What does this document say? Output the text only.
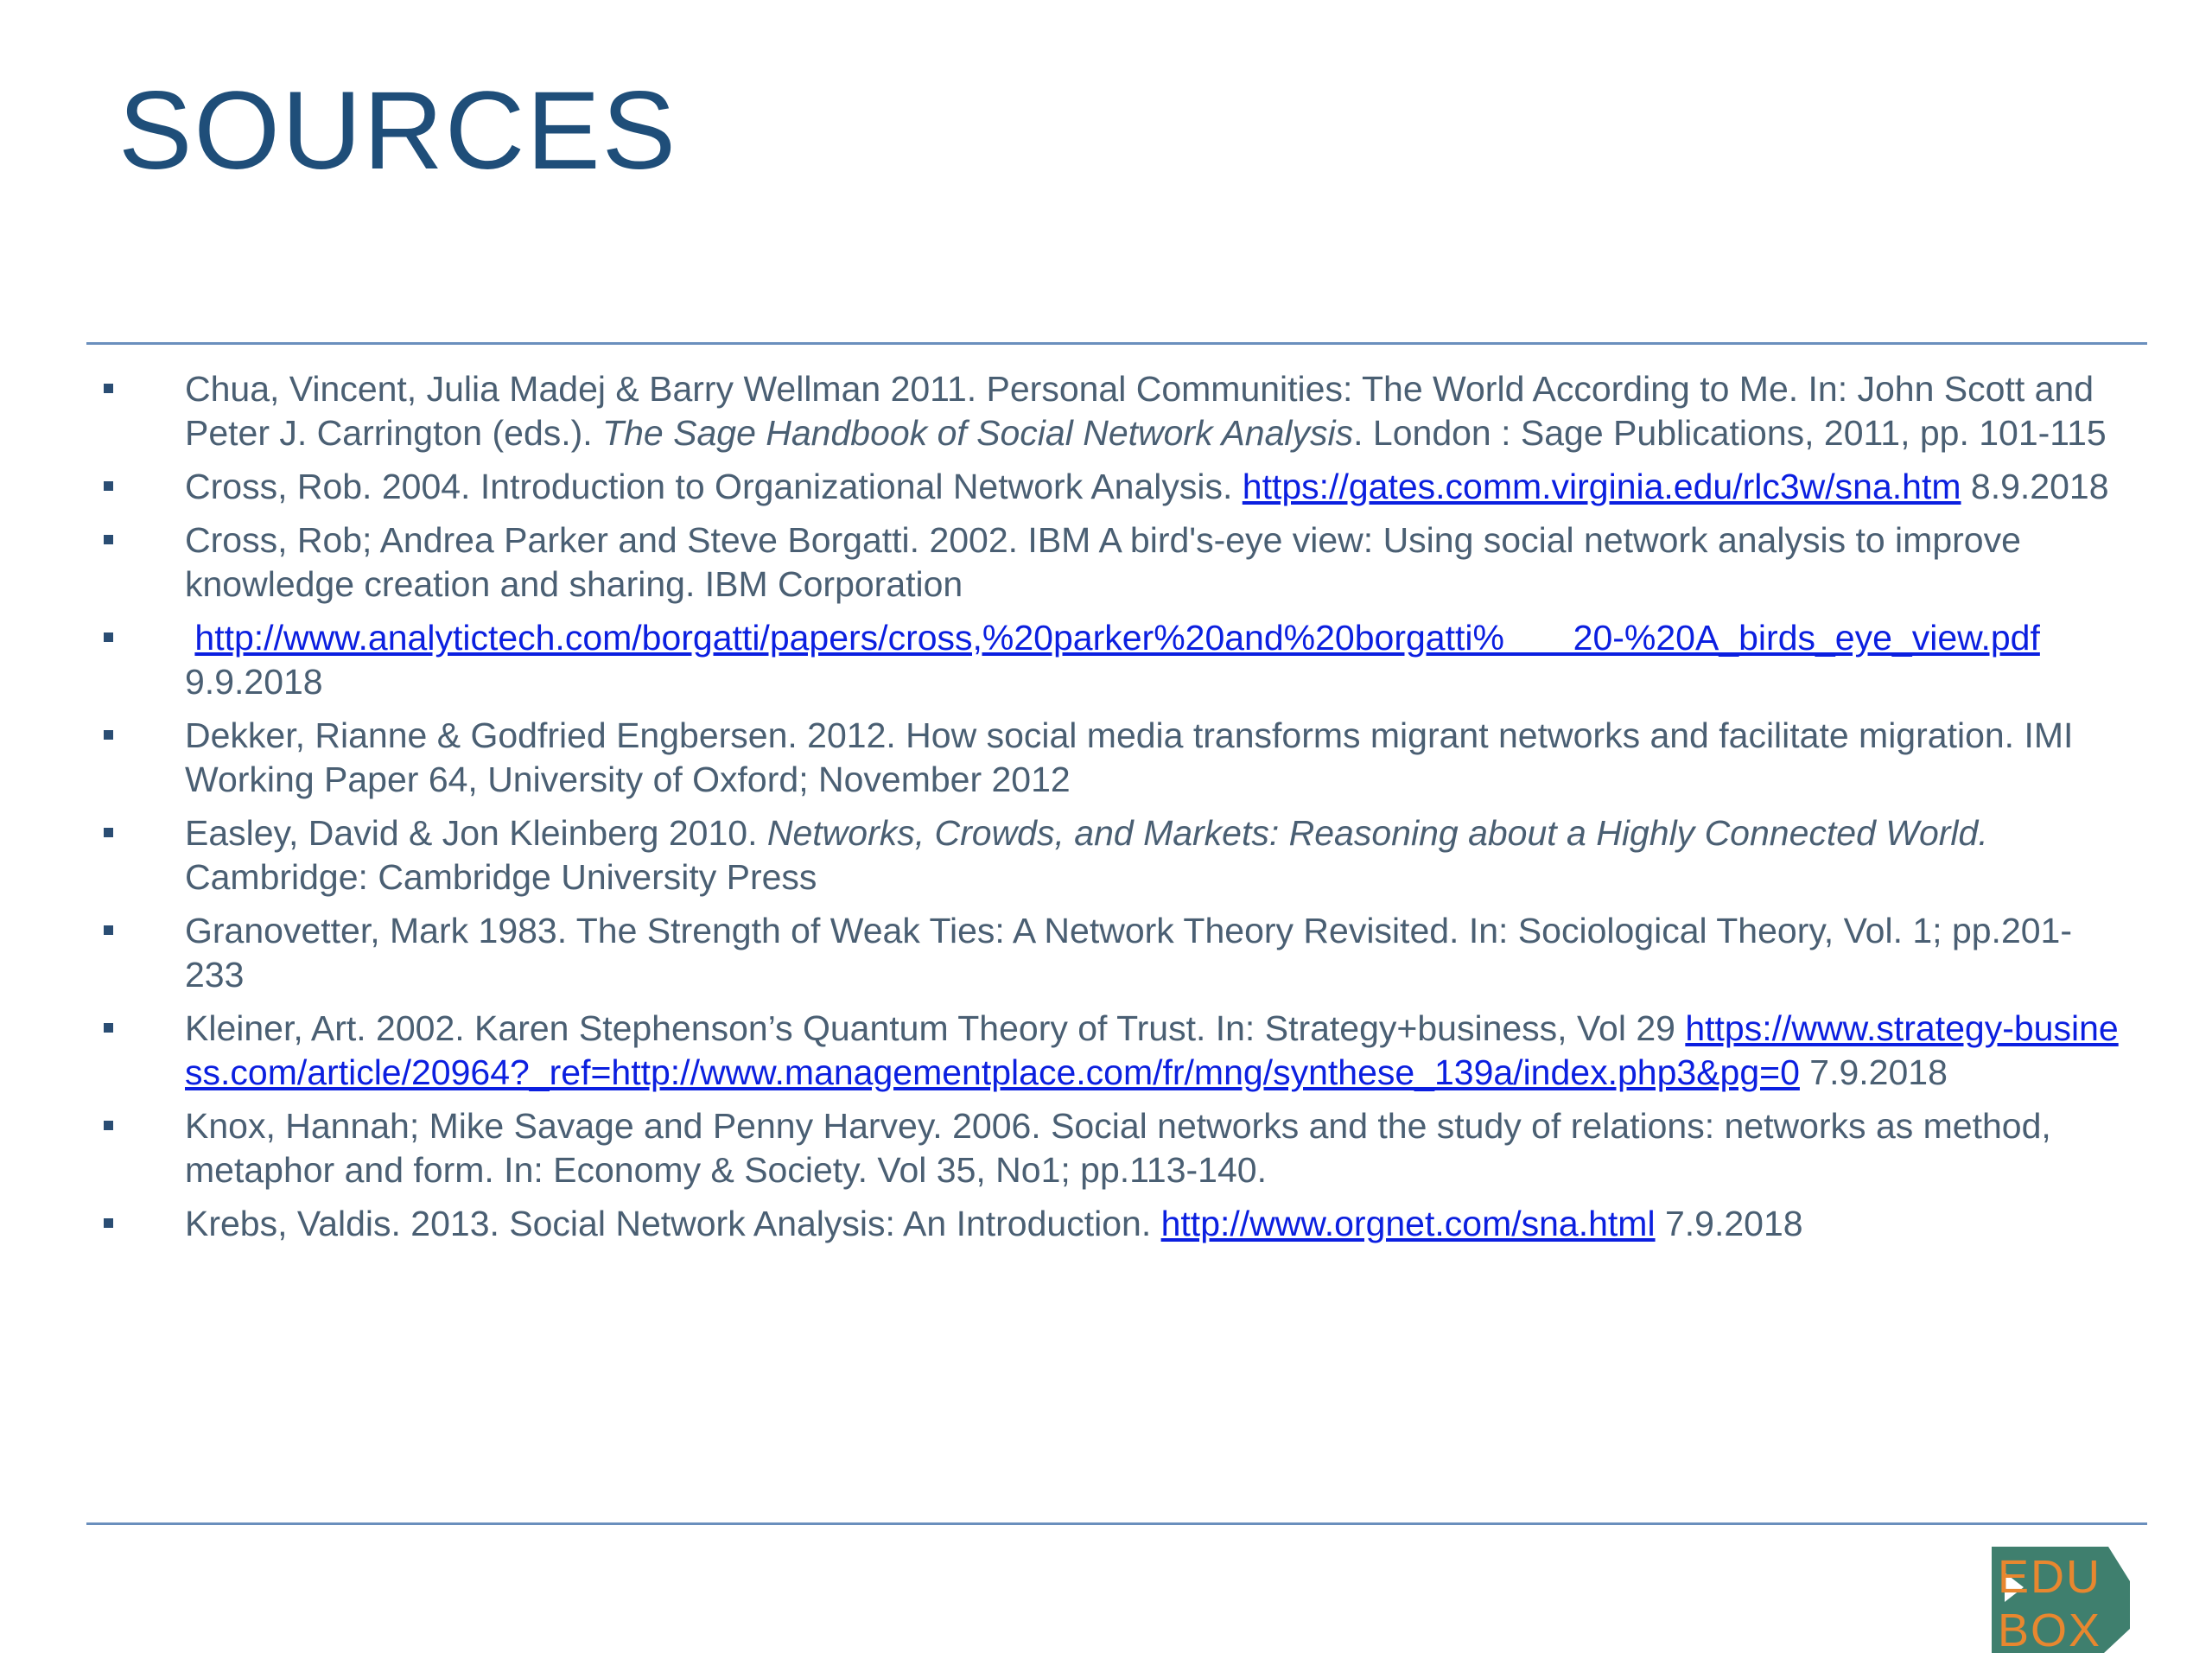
SOURCES
Chua, Vincent, Julia Madej & Barry Wellman 2011. Personal Communities: The World According to Me. In: John Scott and Peter J. Carrington (eds.). The Sage Handbook of Social Network Analysis. London : Sage Publications, 2011, pp. 101-115
Cross, Rob. 2004. Introduction to Organizational Network Analysis. https://gates.comm.virginia.edu/rlc3w/sna.htm 8.9.2018
Cross, Rob; Andrea Parker and Steve Borgatti. 2002. IBM A bird's-eye view: Using social network analysis to improve knowledge creation and sharing. IBM Corporation
http://www.analytictech.com/borgatti/papers/cross,%20parker%20and%20borgatti%       20-%20A_birds_eye_view.pdf 9.9.2018
Dekker, Rianne & Godfried Engbersen. 2012. How social media transforms migrant networks and facilitate migration. IMI Working Paper 64, University of Oxford; November 2012
Easley, David & Jon Kleinberg 2010. Networks, Crowds, and Markets: Reasoning about a Highly Connected World. Cambridge: Cambridge University Press
Granovetter, Mark 1983. The Strength of Weak Ties: A Network Theory Revisited. In: Sociological Theory, Vol. 1; pp.201-233
Kleiner, Art. 2002. Karen Stephenson’s Quantum Theory of Trust. In: Strategy+business, Vol 29 https://www.strategy-business.com/article/20964?_ref=http://www.managementplace.com/fr/mng/synthese_139a/index.php3&pg=0 7.9.2018
Knox, Hannah; Mike Savage and Penny Harvey. 2006. Social networks and the study of relations: networks as method, metaphor and form. In: Economy & Society. Vol 35, No1; pp.113-140.
Krebs, Valdis. 2013. Social Network Analysis: An Introduction. http://www.orgnet.com/sna.html 7.9.2018
EDU
BOX
